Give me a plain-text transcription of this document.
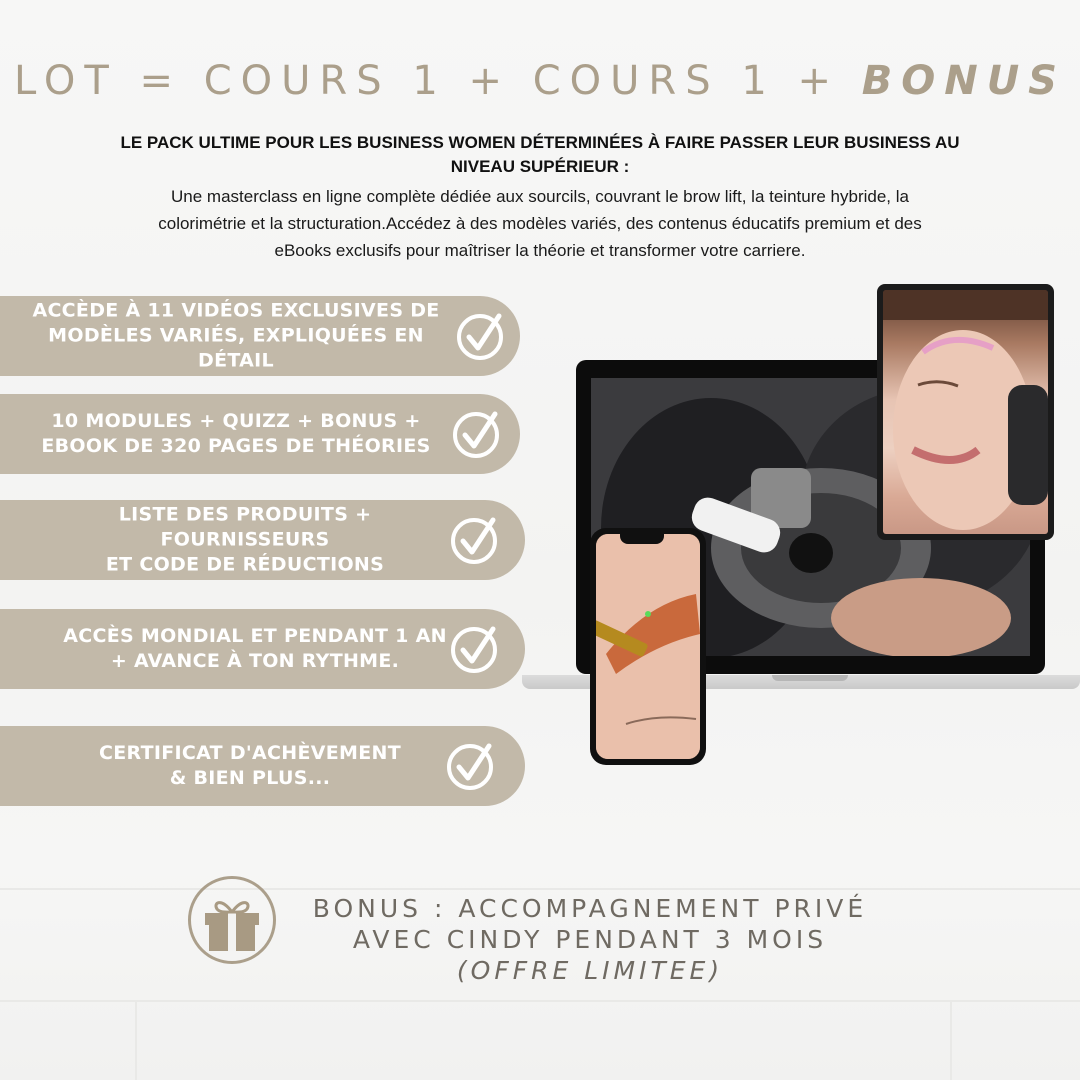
LOT = COURS 1 + COURS 1 + BONUS
LE PACK ULTIME POUR LES BUSINESS WOMEN DÉTERMINÉES À FAIRE PASSER LEUR BUSINESS AU
NIVEAU SUPÉRIEUR :
Une masterclass en ligne complète dédiée aux sourcils, couvrant le brow lift, la teinture hybride, la
colorimétrie et la structuration.Accédez à des modèles variés, des contenus éducatifs premium et des
eBooks exclusifs pour maîtriser la théorie et transformer votre carriere.
ACCÈDE À 11 VIDÉOS EXCLUSIVES DE
MODÈLES VARIÉS, EXPLIQUÉES EN DÉTAIL
10 MODULES + QUIZZ + BONUS +
EBOOK DE 320 PAGES DE THÉORIES
LISTE DES PRODUITS + FOURNISSEURS
ET CODE DE RÉDUCTIONS
ACCÈS MONDIAL ET PENDANT 1 AN
+ AVANCE À TON RYTHME.
CERTIFICAT D'ACHÈVEMENT
& BIEN PLUS...
BONUS : ACCOMPAGNEMENT PRIVÉ
AVEC CINDY PENDANT 3 MOIS
(OFFRE LIMITEE)
